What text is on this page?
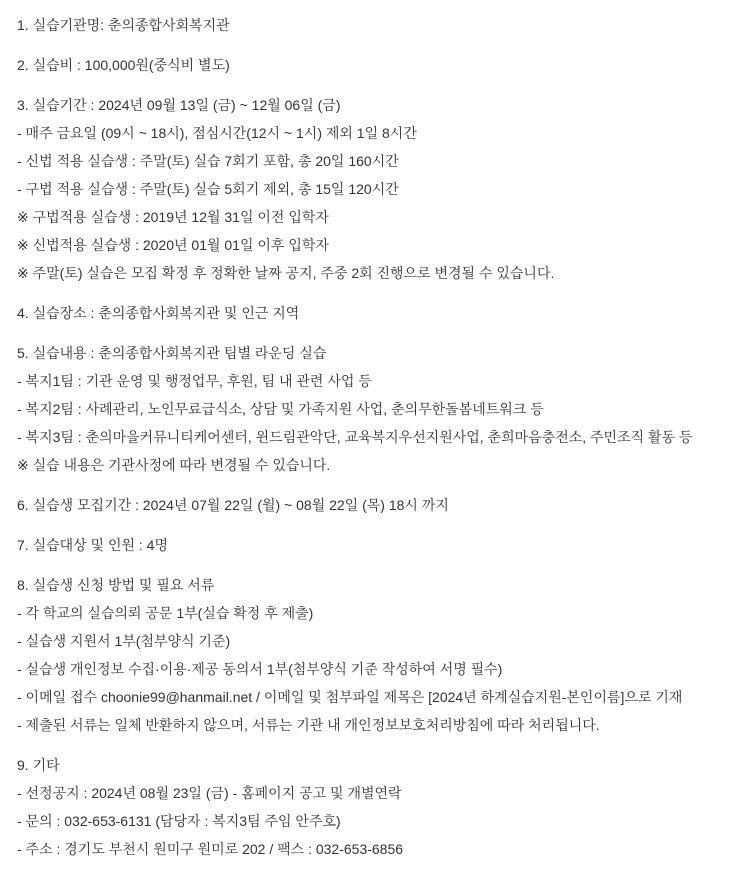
1. 실습기관명: 춘의종합사회복지관
2. 실습비 : 100,000원(중식비 별도)
3. 실습기간 : 2024년 09월 13일 (금) ~ 12월 06일 (금)
- 매주 금요일 (09시 ~ 18시), 점심시간(12시 ~ 1시) 제외 1일 8시간
- 신법 적용 실습생 : 주말(토) 실습 7회기 포함, 총 20일 160시간
- 구법 적용 실습생 : 주말(토) 실습 5회기 제외, 총 15일 120시간
※ 구법적용 실습생 : 2019년 12월 31일 이전 입학자
※ 신법적용 실습생 : 2020년 01월 01일 이후 입학자
※ 주말(토) 실습은 모집 확정 후 정확한 날짜 공지, 주중 2회 진행으로 변경될 수 있습니다.
4. 실습장소 : 춘의종합사회복지관 및 인근 지역
5. 실습내용 : 춘의종합사회복지관 팀별 라운딩 실습
- 복지1팀 : 기관 운영 및 행정업무, 후원, 팀 내 관련 사업 등
- 복지2팀 : 사례관리, 노인무료급식소, 상담 및 가족지원 사업, 춘의무한돌봄네트워크 등
- 복지3팀 : 춘의마을커뮤니티케어센터, 윈드림관악단, 교육복지우선지원사업, 춘희마음충전소, 주민조직 활동 등
※ 실습 내용은 기관사정에 따라 변경될 수 있습니다.
6. 실습생 모집기간 : 2024년 07월 22일 (월) ~ 08월 22일 (목) 18시 까지
7. 실습대상 및 인원 : 4명
8. 실습생 신청 방법 및 필요 서류
- 각 학교의 실습의뢰 공문 1부(실습 확정 후 제출)
- 실습생 지원서 1부(첨부양식 기준)
- 실습생 개인정보 수집·이용·제공 동의서 1부(첨부양식 기준 작성하여 서명 필수)
- 이메일 접수 choonie99@hanmail.net / 이메일 및 첨부파일 제목은 [2024년 하계실습지원-본인이름]으로 기재
- 제출된 서류는 일체 반환하지 않으며, 서류는 기관 내 개인정보보호처리방침에 따라 처리됩니다.
9. 기타
- 선정공지 : 2024년 08월 23일 (금) - 홈페이지 공고 및 개별연락
- 문의 : 032-653-6131 (담당자 : 복지3팀 주임 안주호)
- 주소 : 경기도 부천시 원미구 원미로 202 / 팩스 : 032-653-6856
